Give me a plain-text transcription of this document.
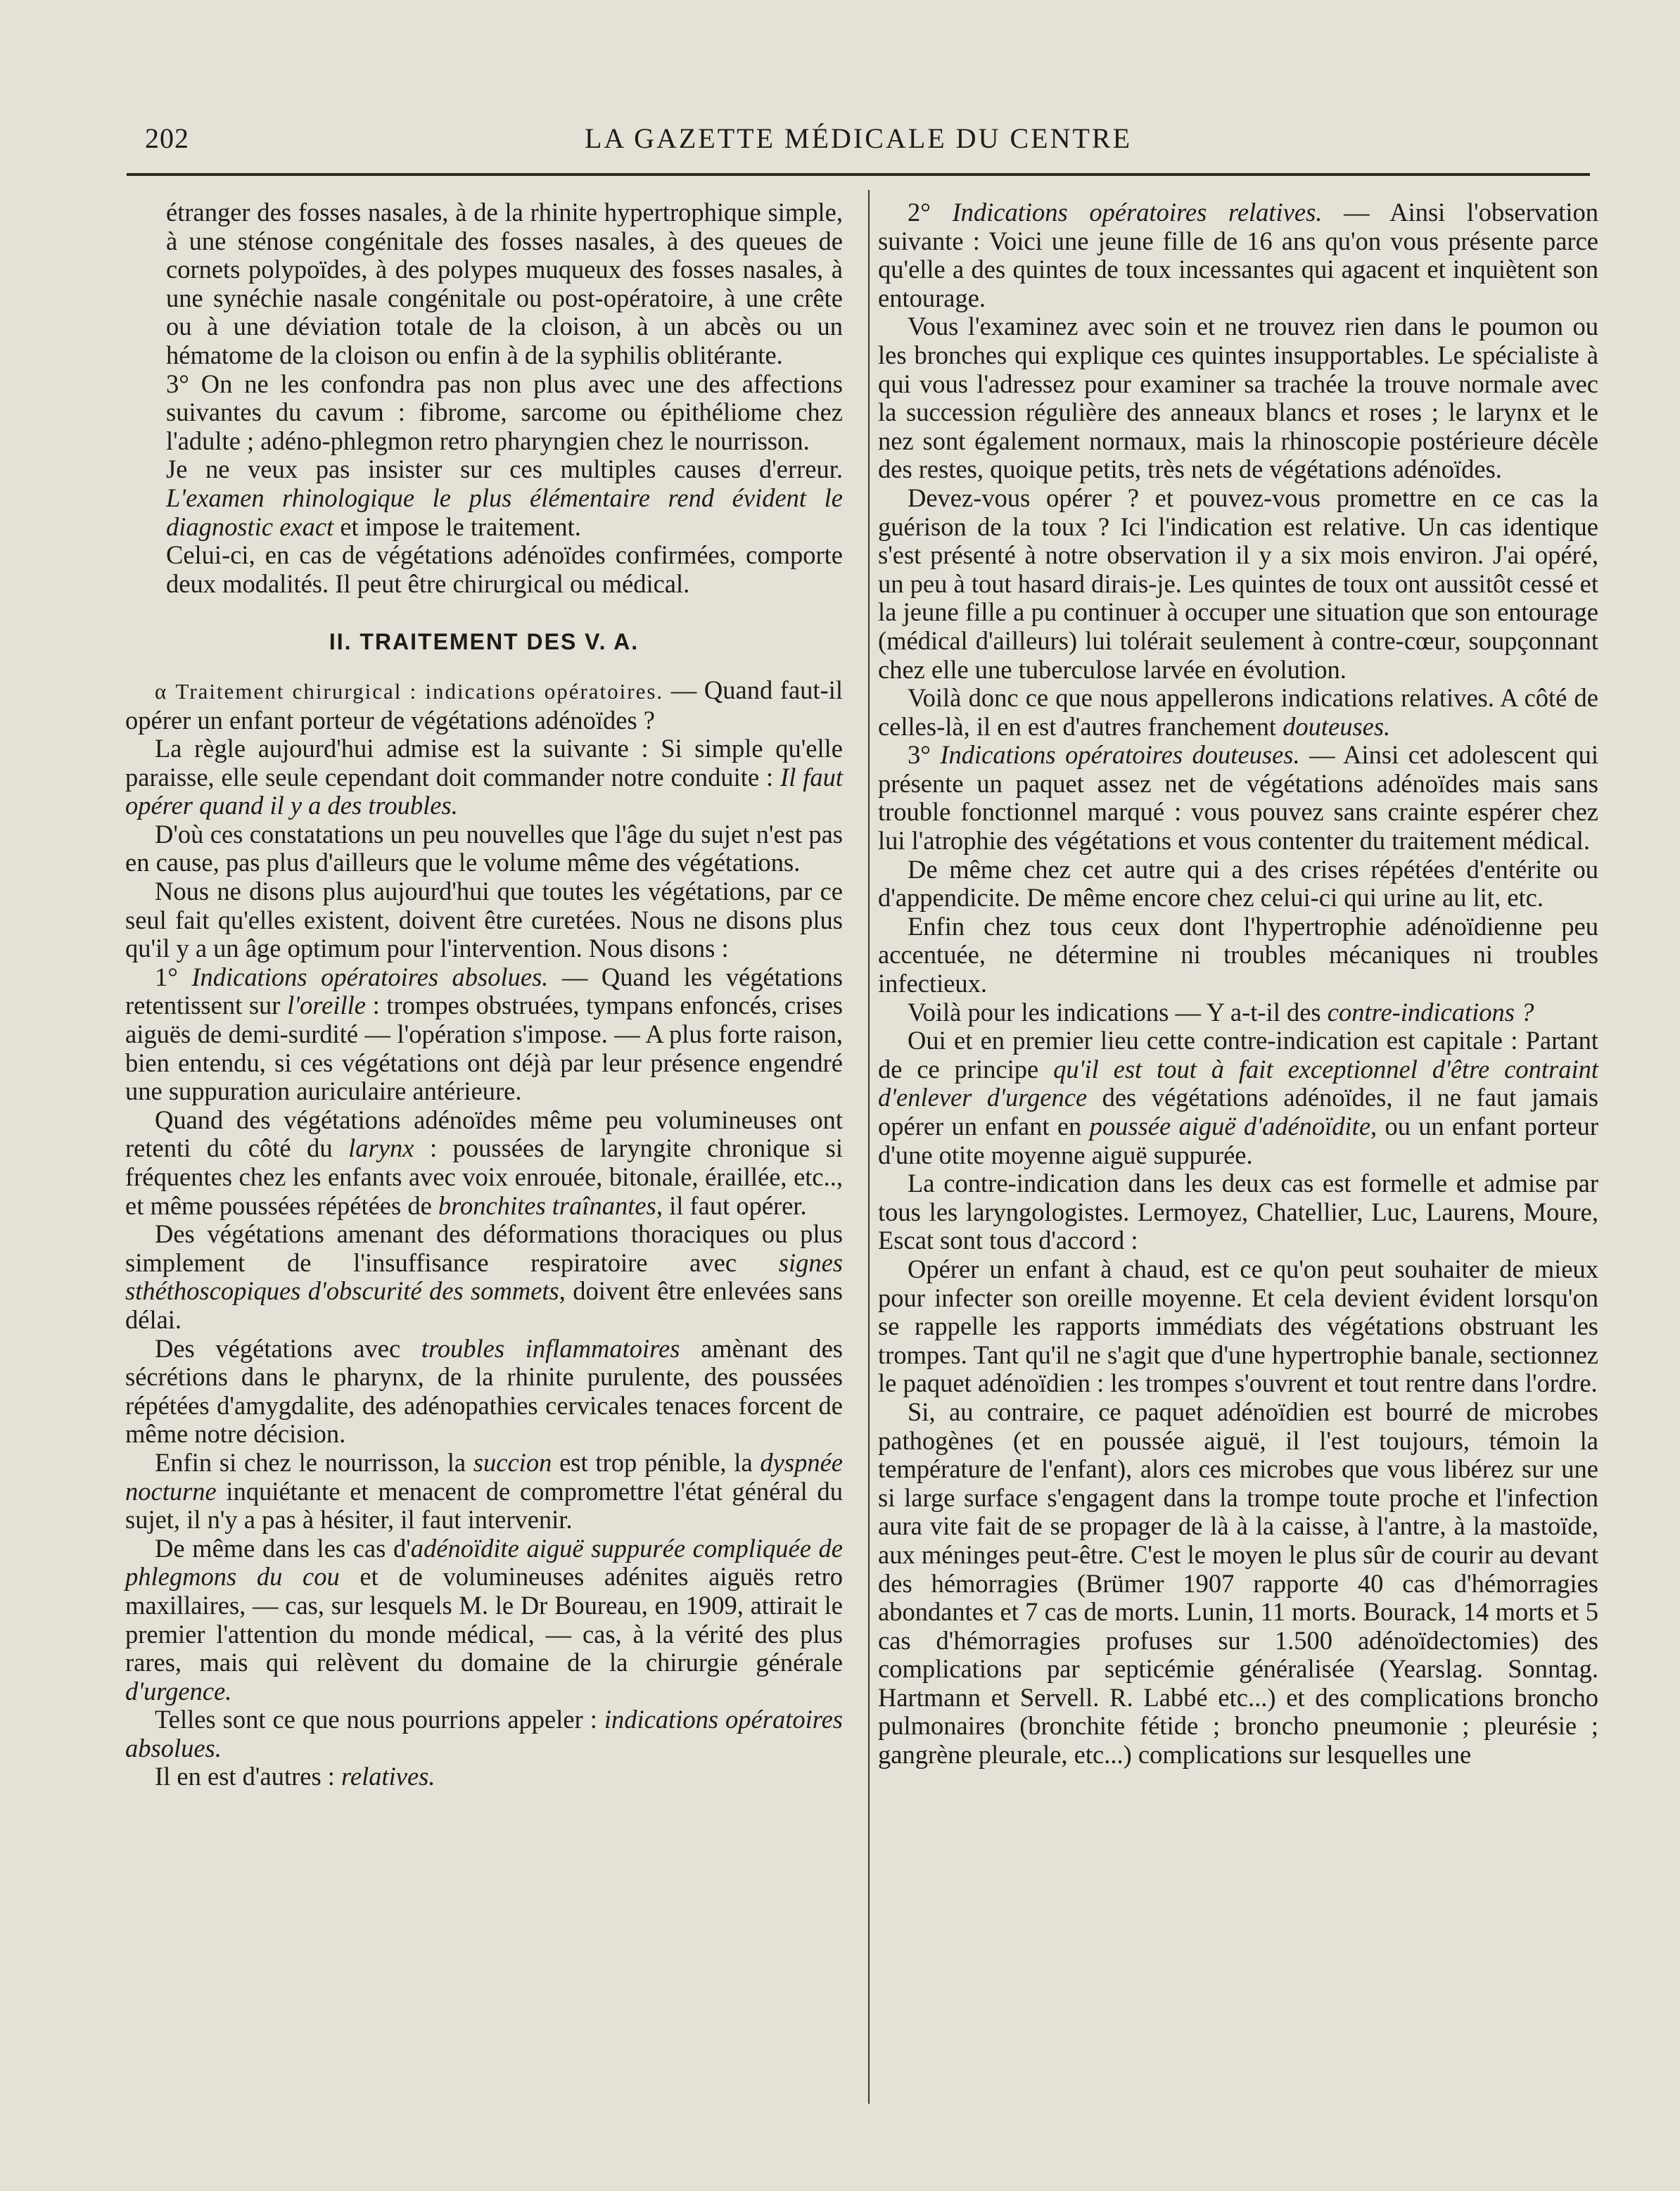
202	LA GAZETTE MÉDICALE DU CENTRE

étranger des fosses nasales, à de la rhinite hypertrophique simple, à une sténose congénitale des fosses nasales, à des queues de cornets polypoïdes, à des polypes muqueux des fosses nasales, à une synéchie nasale congénitale ou post-opératoire, à une crête ou à une déviation totale de la cloison, à un abcès ou un hématome de la cloison ou enfin à de la syphilis oblitérante.

3° On ne les confondra pas non plus avec une des affections suivantes du cavum : fibrome, sarcome ou épithéliome chez l'adulte ; adéno-phlegmon retro pharyngien chez le nourrisson.

Je ne veux pas insister sur ces multiples causes d'erreur. L'examen rhinologique le plus élémentaire rend évident le diagnostic exact et impose le traitement.

Celui-ci, en cas de végétations adénoïdes confirmées, comporte deux modalités. Il peut être chirurgical ou médical.

II. TRAITEMENT DES V. A.

α Traitement chirurgical : indications opératoires. — Quand faut-il opérer un enfant porteur de végétations adénoïdes ?

La règle aujourd'hui admise est la suivante : Si simple qu'elle paraisse, elle seule cependant doit commander notre conduite : Il faut opérer quand il y a des troubles.

D'où ces constatations un peu nouvelles que l'âge du sujet n'est pas en cause, pas plus d'ailleurs que le volume même des végétations.

Nous ne disons plus aujourd'hui que toutes les végétations, par ce seul fait qu'elles existent, doivent être curetées. Nous ne disons plus qu'il y a un âge optimum pour l'intervention. Nous disons :

1° Indications opératoires absolues. — Quand les végétations retentissent sur l'oreille : trompes obstruées, tympans enfoncés, crises aiguës de demi-surdité — l'opération s'impose. — A plus forte raison, bien entendu, si ces végétations ont déjà par leur présence engendré une suppuration auriculaire antérieure.

Quand des végétations adénoïdes même peu volumineuses ont retenti du côté du larynx : poussées de laryngite chronique si fréquentes chez les enfants avec voix enrouée, bitonale, éraillée, etc.., et même poussées répétées de bronchites traînantes, il faut opérer.

Des végétations amenant des déformations thoraciques ou plus simplement de l'insuffisance respiratoire avec signes sthéthoscopiques d'obscurité des sommets, doivent être enlevées sans délai.

Des végétations avec troubles inflammatoires amènant des sécrétions dans le pharynx, de la rhinite purulente, des poussées répétées d'amygdalite, des adénopathies cervicales tenaces forcent de même notre décision.

Enfin si chez le nourrisson, la succion est trop pénible, la dyspnée nocturne inquiétante et menacent de compromettre l'état général du sujet, il n'y a pas à hésiter, il faut intervenir.

De même dans les cas d'adénoïdite aiguë suppurée compliquée de phlegmons du cou et de volumineuses adénites aiguës retro maxillaires, — cas, sur lesquels M. le Dr Boureau, en 1909, attirait le premier l'attention du monde médical, — cas, à la vérité des plus rares, mais qui relèvent du domaine de la chirurgie générale d'urgence.

Telles sont ce que nous pourrions appeler : indications opératoires absolues.

Il en est d'autres : relatives.

2° Indications opératoires relatives. — Ainsi l'observation suivante : Voici une jeune fille de 16 ans qu'on vous présente parce qu'elle a des quintes de toux incessantes qui agacent et inquiètent son entourage.

Vous l'examinez avec soin et ne trouvez rien dans le poumon ou les bronches qui explique ces quintes insupportables. Le spécialiste à qui vous l'adressez pour examiner sa trachée la trouve normale avec la succession régulière des anneaux blancs et roses ; le larynx et le nez sont également normaux, mais la rhinoscopie postérieure décèle des restes, quoique petits, très nets de végétations adénoïdes.

Devez-vous opérer ? et pouvez-vous promettre en ce cas la guérison de la toux ? Ici l'indication est relative. Un cas identique s'est présenté à notre observation il y a six mois environ. J'ai opéré, un peu à tout hasard dirais-je. Les quintes de toux ont aussitôt cessé et la jeune fille a pu continuer à occuper une situation que son entourage (médical d'ailleurs) lui tolérait seulement à contre-cœur, soupçonnant chez elle une tuberculose larvée en évolution.

Voilà donc ce que nous appellerons indications relatives. A côté de celles-là, il en est d'autres franchement douteuses.

3° Indications opératoires douteuses. — Ainsi cet adolescent qui présente un paquet assez net de végétations adénoïdes mais sans trouble fonctionnel marqué : vous pouvez sans crainte espérer chez lui l'atrophie des végétations et vous contenter du traitement médical.

De même chez cet autre qui a des crises répétées d'entérite ou d'appendicite. De même encore chez celui-ci qui urine au lit, etc.

Enfin chez tous ceux dont l'hypertrophie adénoïdienne peu accentuée, ne détermine ni troubles mécaniques ni troubles infectieux.

Voilà pour les indications — Y a-t-il des contre-indications ?

Oui et en premier lieu cette contre-indication est capitale : Partant de ce principe qu'il est tout à fait exceptionnel d'être contraint d'enlever d'urgence des végétations adénoïdes, il ne faut jamais opérer un enfant en poussée aiguë d'adénoïdite, ou un enfant porteur d'une otite moyenne aiguë suppurée.

La contre-indication dans les deux cas est formelle et admise par tous les laryngologistes. Lermoyez, Chatellier, Luc, Laurens, Moure, Escat sont tous d'accord :

Opérer un enfant à chaud, est ce qu'on peut souhaiter de mieux pour infecter son oreille moyenne. Et cela devient évident lorsqu'on se rappelle les rapports immédiats des végétations obstruant les trompes. Tant qu'il ne s'agit que d'une hypertrophie banale, sectionnez le paquet adénoïdien : les trompes s'ouvrent et tout rentre dans l'ordre.

Si, au contraire, ce paquet adénoïdien est bourré de microbes pathogènes (et en poussée aiguë, il l'est toujours, témoin la température de l'enfant), alors ces microbes que vous libérez sur une si large surface s'engagent dans la trompe toute proche et l'infection aura vite fait de se propager de là à la caisse, à l'antre, à la mastoïde, aux méninges peut-être. C'est le moyen le plus sûr de courir au devant des hémorragies (Brümer 1907 rapporte 40 cas d'hémorragies abondantes et 7 cas de morts. Lunin, 11 morts. Bourack, 14 morts et 5 cas d'hémorragies profuses sur 1.500 adénoïdectomies) des complications par septicémie généralisée (Yearslag. Sonntag. Hartmann et Servell. R. Labbé etc...) et des complications broncho pulmonaires (bronchite fétide ; broncho pneumonie ; pleurésie ; gangrène pleurale, etc...) complications sur lesquelles une
